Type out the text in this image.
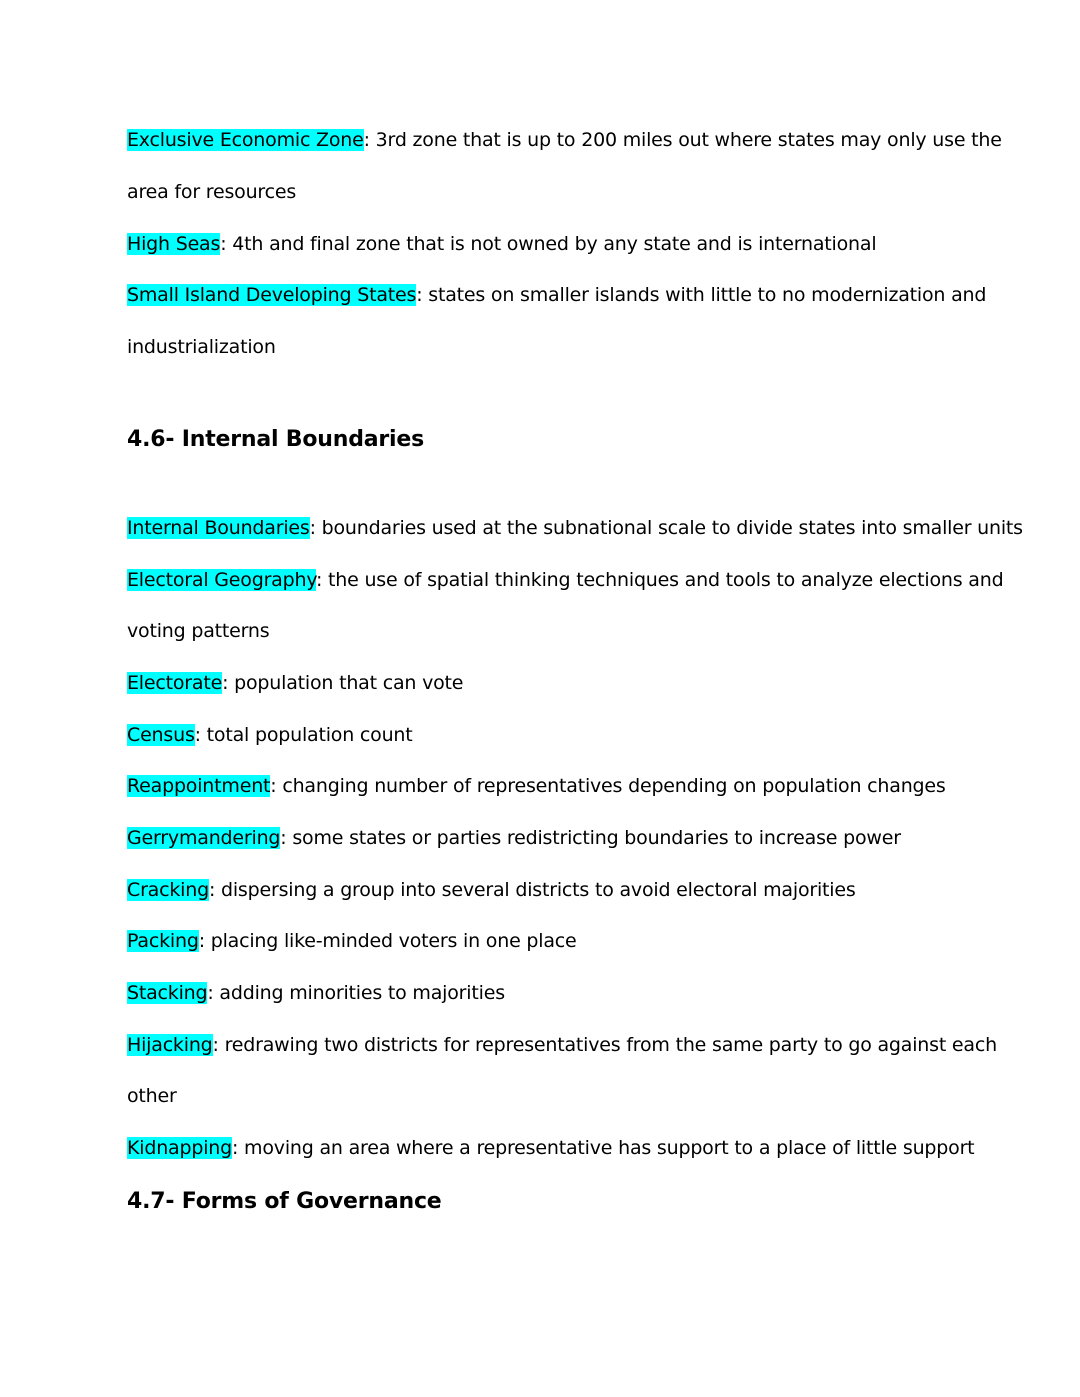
Exclusive Economic Zone: 3rd zone that is up to 200 miles out where states may only use the
area for resources
High Seas: 4th and final zone that is not owned by any state and is international
Small Island Developing States: states on smaller islands with little to no modernization and
industrialization
4.6- Internal Boundaries
Internal Boundaries: boundaries used at the subnational scale to divide states into smaller units
Electoral Geography: the use of spatial thinking techniques and tools to analyze elections and
voting patterns
Electorate: population that can vote
Census: total population count
Reappointment: changing number of representatives depending on population changes
Gerrymandering: some states or parties redistricting boundaries to increase power
Cracking: dispersing a group into several districts to avoid electoral majorities
Packing: placing like-minded voters in one place
Stacking: adding minorities to majorities
Hijacking: redrawing two districts for representatives from the same party to go against each
other
Kidnapping: moving an area where a representative has support to a place of little support
4.7- Forms of Governance
